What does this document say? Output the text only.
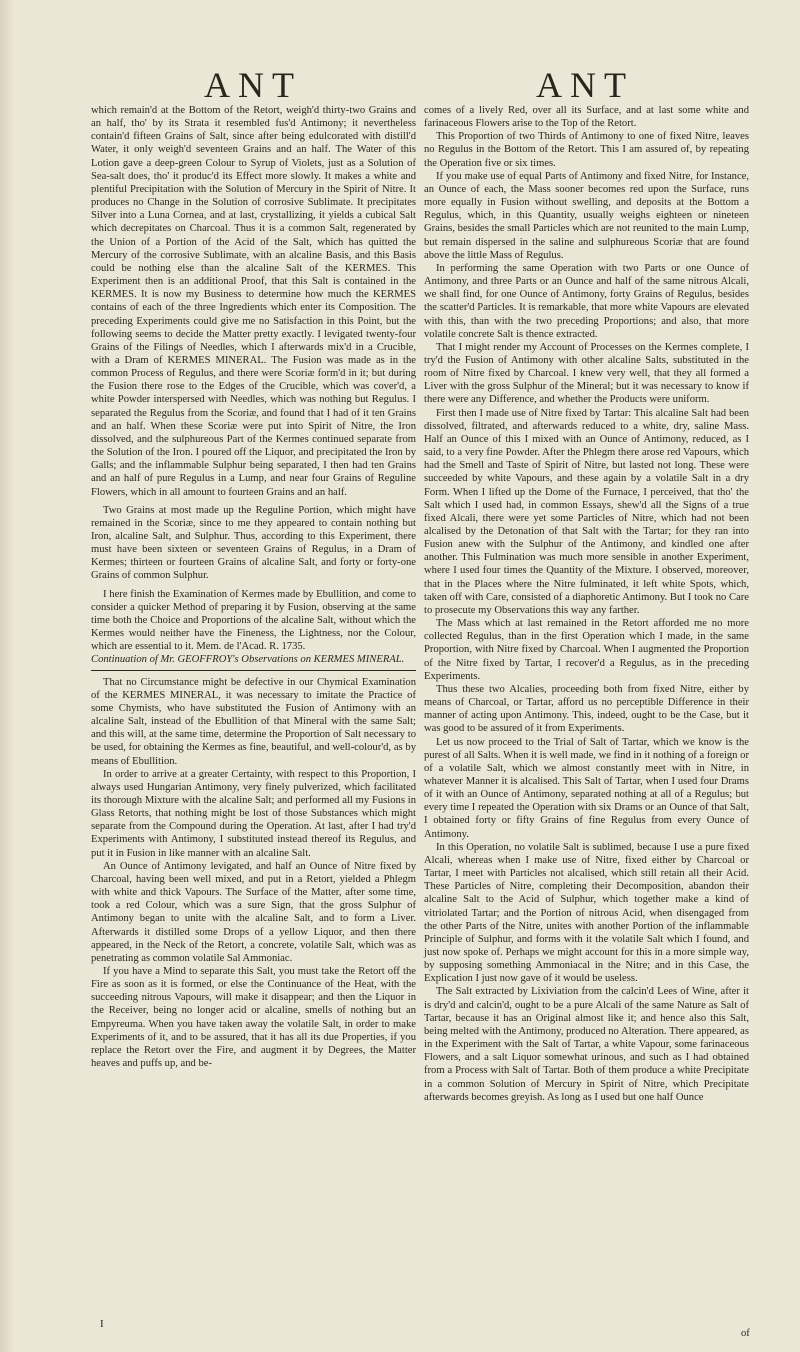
ANT	ANT

which remain'd at the Bottom of the Retort, weigh'd thirty-two Grains and an half, tho' by its Strata it resembled fus'd Antimony; it nevertheless contain'd fifteen Grains of Salt, since after being edulcorated with distill'd Water, it only weigh'd seventeen Grains and an half. The Water of this Lotion gave a deep-green Colour to Syrup of Violets, just as a Solution of Sea-salt does, tho' it produc'd its Effect more slowly. It makes a white and plentiful Precipitation with the Solution of Mercury in the Spirit of Nitre. It produces no Change in the Solution of corrosive Sublimate. It precipitates Silver into a Luna Cornea, and at last, crystallizing, it yields a cubical Salt which decrepitates on Charcoal. Thus it is a common Salt, regenerated by the Union of a Portion of the Acid of the Salt, which has quitted the Mercury of the corrosive Sublimate, with an alcaline Basis, and this Basis could be nothing else than the alcaline Salt of the KERMES. This Experiment then is an additional Proof, that this Salt is contained in the KERMES. It is now my Business to determine how much the KERMES contains of each of the three Ingredients which enter its Composition. The preceding Experiments could give me no Satisfaction in this Point, but the following seems to decide the Matter pretty exactly. I levigated twenty-four Grains of the Filings of Needles, which I afterwards mix'd in a Crucible, with a Dram of KERMES MINERAL. The Fusion was made as in the common Process of Regulus, and there were Scoriæ form'd in it; but during the Fusion there rose to the Edges of the Crucible, which was cover'd, a white Powder interspersed with Needles, which was nothing but Regulus. I separated the Regulus from the Scoriæ, and found that I had of it ten Grains and an half. When these Scoriæ were put into Spirit of Nitre, the Iron dissolved, and the sulphureous Part of the Kermes continued separate from the Solution of the Iron. I poured off the Liquor, and precipitated the Iron by Galls; and the inflammable Sulphur being separated, I then had ten Grains and an half of pure Regulus in a Lump, and near four Grains of Reguline Flowers, which in all amount to fourteen Grains and an half.

Two Grains at most made up the Reguline Portion, which might have remained in the Scoriæ, since to me they appeared to contain nothing but Iron, alcaline Salt, and Sulphur. Thus, according to this Experiment, there must have been sixteen or seventeen Grains of Regulus, in a Dram of Kermes; thirteen or fourteen Grains of alcaline Salt, and forty or forty-one Grains of common Sulphur.

I here finish the Examination of Kermes made by Ebullition, and come to consider a quicker Method of preparing it by Fusion, observing at the same time both the Choice and Proportions of the alcaline Salt, without which the Kermes would neither have the Fineness, the Lightness, nor the Colour, which are essential to it. Mem. de l'Acad. R. 1735.

Continuation of Mr. GEOFFROY's Observations on KERMES MINERAL.

That no Circumstance might be defective in our Chymical Examination of the KERMES MINERAL, it was necessary to imitate the Practice of some Chymists, who have substituted the Fusion of Antimony with an alcaline Salt, instead of the Ebullition of that Mineral with the same Salt; and this will, at the same time, determine the Proportion of Salt necessary to be used, for obtaining the Kermes as fine, beautiful, and well-colour'd, as by means of Ebullition.

In order to arrive at a greater Certainty, with respect to this Proportion, I always used Hungarian Antimony, very finely pulverized, which facilitated its thorough Mixture with the alcaline Salt; and performed all my Fusions in Glass Retorts, that nothing might be lost of those Substances which might separate from the Compound during the Operation. At last, after I had try'd Experiments with Antimony, I substituted instead thereof its Regulus, and put it in Fusion in like manner with an alcaline Salt.

An Ounce of Antimony levigated, and half an Ounce of Nitre fixed by Charcoal, having been well mixed, and put in a Retort, yielded a Phlegm with white and thick Vapours. The Surface of the Matter, after some time, took a red Colour, which was a sure Sign, that the gross Sulphur of Antimony began to unite with the alcaline Salt, and to form a Liver. Afterwards it distilled some Drops of a yellow Liquor, and then there appeared, in the Neck of the Retort, a concrete, volatile Salt, which was as penetrating as common volatile Sal Ammoniac.

If you have a Mind to separate this Salt, you must take the Retort off the Fire as soon as it is formed, or else the Continuance of the Heat, with the succeeding nitrous Vapours, will make it disappear; and then the Liquor in the Receiver, being no longer acid or alcaline, smells of nothing but an Empyreuma. When you have taken away the volatile Salt, in order to make Experiments of it, and to be assured, that it has all its due Properties, if you replace the Retort over the Fire, and augment it by Degrees, the Matter heaves and puffs up, and be-

comes of a lively Red, over all its Surface, and at last some white and farinaceous Flowers arise to the Top of the Retort.

This Proportion of two Thirds of Antimony to one of fixed Nitre, leaves no Regulus in the Bottom of the Retort. This I am assured of, by repeating the Operation five or six times.

If you make use of equal Parts of Antimony and fixed Nitre, for Instance, an Ounce of each, the Mass sooner becomes red upon the Surface, runs more equally in Fusion without swelling, and deposits at the Bottom a Regulus, which, in this Quantity, usually weighs eighteen or nineteen Grains, besides the small Particles which are not reunited to the main Lump, but remain dispersed in the saline and sulphureous Scoriæ that are found above the little Mass of Regulus.

In performing the same Operation with two Parts or one Ounce of Antimony, and three Parts or an Ounce and half of the same nitrous Alcali, we shall find, for one Ounce of Antimony, forty Grains of Regulus, besides the scatter'd Particles. It is remarkable, that more white Vapours are elevated with this, than with the two preceding Proportions; and also, that more volatile concrete Salt is thence extracted.

That I might render my Account of Processes on the Kermes complete, I try'd the Fusion of Antimony with other alcaline Salts, substituted in the room of Nitre fixed by Charcoal. I knew very well, that they all formed a Liver with the gross Sulphur of the Mineral; but it was necessary to know if there were any Difference, and whether the Products were uniform.

First then I made use of Nitre fixed by Tartar: This alcaline Salt had been dissolved, filtrated, and afterwards reduced to a white, dry, saline Mass. Half an Ounce of this I mixed with an Ounce of Antimony, reduced, as I said, to a very fine Powder. After the Phlegm there arose red Vapours, which had the Smell and Taste of Spirit of Nitre, but lasted not long. These were succeeded by white Vapours, and these again by a volatile Salt in a dry Form. When I lifted up the Dome of the Furnace, I perceived, that tho' the Salt which I used had, in common Essays, shew'd all the Signs of a true fixed Alcali, there were yet some Particles of Nitre, which had not been alcalised by the Detonation of that Salt with the Tartar; for they ran into Fusion anew with the Sulphur of the Antimony, and kindled one after another. This Fulmination was much more sensible in another Experiment, where I used four times the Quantity of the Mixture. I observed, moreover, that in the Places where the Nitre fulminated, it left white Spots, which, taken off with Care, consisted of a diaphoretic Antimony. But I took no Care to prosecute my Observations this way any farther.

The Mass which at last remained in the Retort afforded me no more collected Regulus, than in the first Operation which I made, in the same Proportion, with Nitre fixed by Charcoal. When I augmented the Proportion of the Nitre fixed by Tartar, I recover'd a Regulus, as in the preceding Experiments.

Thus these two Alcalies, proceeding both from fixed Nitre, either by means of Charcoal, or Tartar, afford us no perceptible Difference in their manner of acting upon Antimony. This, indeed, ought to be the Case, but it was good to be assured of it from Experiments.

Let us now proceed to the Trial of Salt of Tartar, which we know is the purest of all Salts. When it is well made, we find in it nothing of a foreign or of a volatile Salt, which we almost constantly meet with in Nitre, in whatever Manner it is alcalised. This Salt of Tartar, when I used four Drams of it with an Ounce of Antimony, separated nothing at all of a Regulus; but every time I repeated the Operation with six Drams or an Ounce of that Salt, I obtained forty or fifty Grains of fine Regulus from every Ounce of Antimony.

In this Operation, no volatile Salt is sublimed, because I use a pure fixed Alcali, whereas when I make use of Nitre, fixed either by Charcoal or Tartar, I meet with Particles not alcalised, which still retain all their Acid. These Particles of Nitre, completing their Decomposition, abandon their alcaline Salt to the Acid of Sulphur, which together make a kind of vitriolated Tartar; and the Portion of nitrous Acid, when disengaged from the other Parts of the Nitre, unites with another Portion of the inflammable Principle of Sulphur, and forms with it the volatile Salt which I found, and just now spoke of. Perhaps we might account for this in a more simple way, by supposing something Ammoniacal in the Nitre; and in this Case, the Explication I just now gave of it would be useless.

The Salt extracted by Lixiviation from the calcin'd Lees of Wine, after it is dry'd and calcin'd, ought to be a pure Alcali of the same Nature as Salt of Tartar, because it has an Original almost like it; and hence also this Salt, being melted with the Antimony, produced no Alteration. There appeared, as in the Experiment with the Salt of Tartar, a white Vapour, some farinaceous Flowers, and a salt Liquor somewhat urinous, and such as I had obtained from a Process with Salt of Tartar. Both of them produce a white Precipitate in a common Solution of Mercury in Spirit of Nitre, which Precipitate afterwards becomes greyish. As long as I used but one half Ounce

I
of
